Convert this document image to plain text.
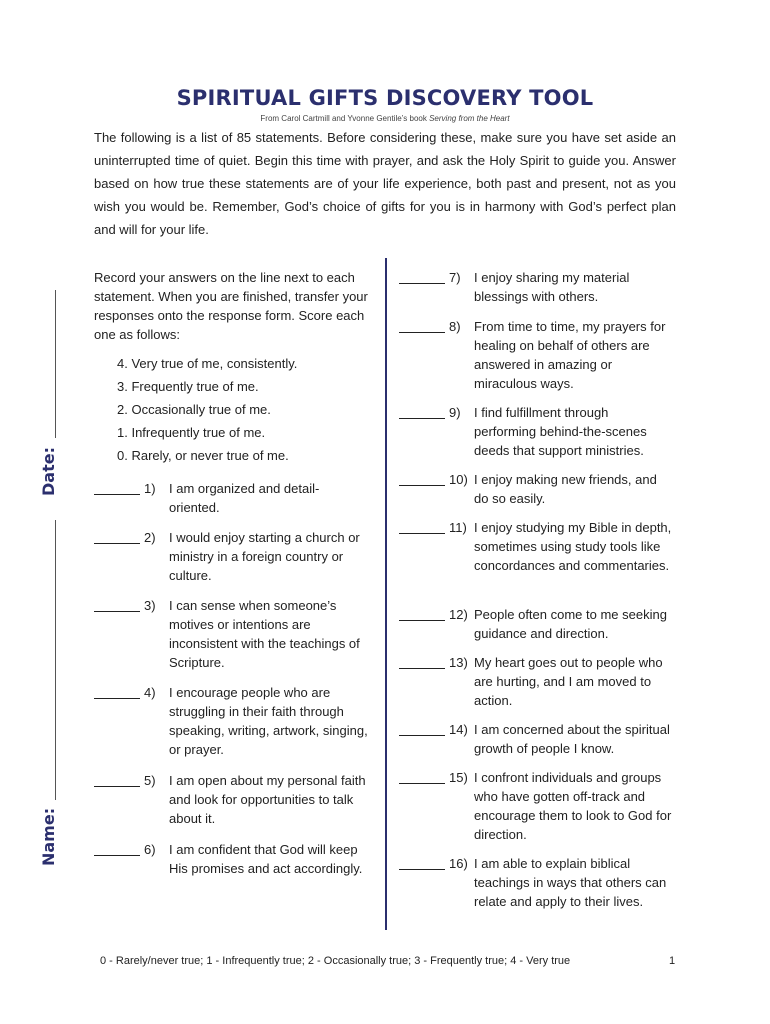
SPIRITUAL GIFTS DISCOVERY TOOL
From Carol Cartmill and Yvonne Gentile’s book Serving from the Heart
The following is a list of 85 statements. Before considering these, make sure you have set aside an uninterrupted time of quiet. Begin this time with prayer, and ask the Holy Spirit to guide you. Answer based on how true these statements are of your life experience, both past and present, not as you wish you would be. Remember, God’s choice of gifts for you is in harmony with God’s perfect plan and will for your life.
Date:
Name:
Record your answers on the line next to each statement. When you are finished, transfer your responses onto the response form. Score each one as follows:
4. Very true of me, consistently.
3. Frequently true of me.
2. Occasionally true of me.
1. Infrequently true of me.
0. Rarely, or never true of me.
1) I am organized and detail-oriented.
2) I would enjoy starting a church or ministry in a foreign country or culture.
3) I can sense when someone’s motives or intentions are inconsistent with the teachings of Scripture.
4) I encourage people who are struggling in their faith through speaking, writing, artwork, singing, or prayer.
5) I am open about my personal faith and look for opportunities to talk about it.
6) I am confident that God will keep His promises and act accordingly.
7) I enjoy sharing my material blessings with others.
8) From time to time, my prayers for healing on behalf of others are answered in amazing or miraculous ways.
9) I find fulfillment through performing behind-the-scenes deeds that support ministries.
10) I enjoy making new friends, and do so easily.
11) I enjoy studying my Bible in depth, sometimes using study tools like concordances and commentaries.
12) People often come to me seeking guidance and direction.
13) My heart goes out to people who are hurting, and I am moved to action.
14) I am concerned about the spiritual growth of people I know.
15) I confront individuals and groups who have gotten off-track and encourage them to look to God for direction.
16) I am able to explain biblical teachings in ways that others can relate and apply to their lives.
0 - Rarely/never true; 1 - Infrequently true; 2 - Occasionally true; 3 - Frequently true; 4 - Very true	1
